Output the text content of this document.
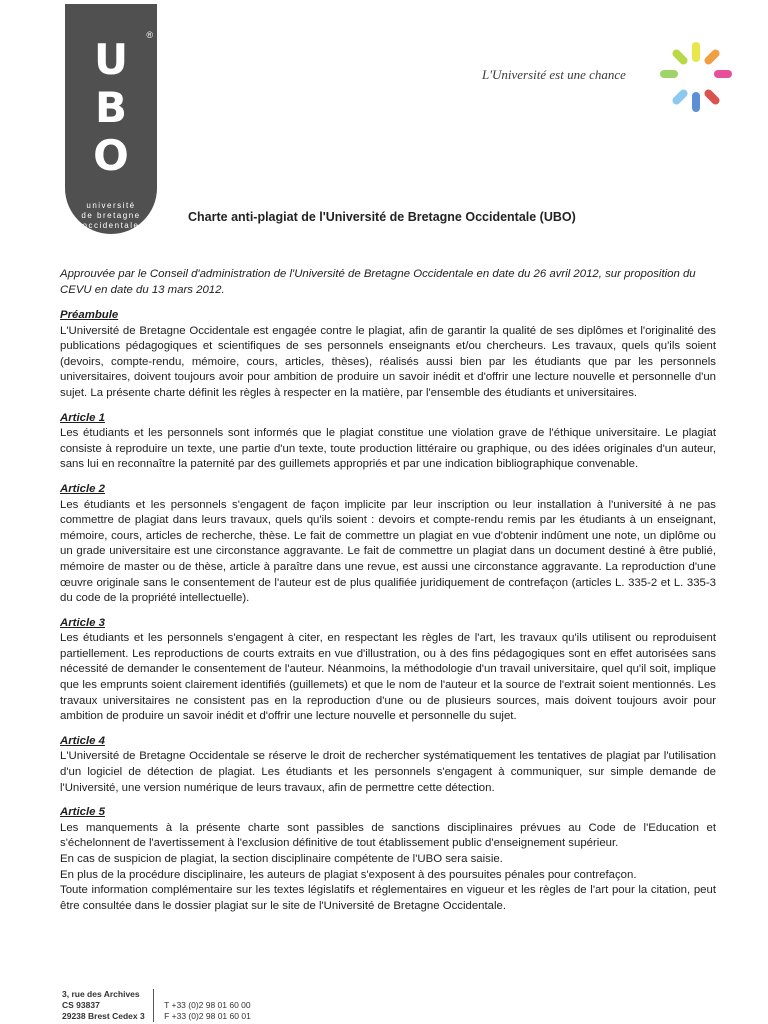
®
U
B
O
université
de bretagne
occidentale
L'Université est une chance
Charte anti-plagiat de l'Université de Bretagne Occidentale (UBO)
Approuvée par le Conseil d'administration de l'Université de Bretagne Occidentale en date du 26 avril 2012, sur proposition du CEVU en date du 13 mars 2012.
Préambule
L'Université de Bretagne Occidentale est engagée contre le plagiat, afin de garantir la qualité de ses diplômes et l'originalité des publications pédagogiques et scientifiques de ses personnels enseignants et/ou chercheurs. Les travaux, quels qu'ils soient (devoirs, compte-rendu, mémoire, cours, articles, thèses), réalisés aussi bien par les étudiants que par les personnels universitaires, doivent toujours avoir pour ambition de produire un savoir inédit et d'offrir une lecture nouvelle et personnelle d'un sujet. La présente charte définit les règles à respecter en la matière, par l'ensemble des étudiants et universitaires.
Article 1
Les étudiants et les personnels sont informés que le plagiat constitue une violation grave de l'éthique universitaire. Le plagiat consiste à reproduire un texte, une partie d'un texte, toute production littéraire ou graphique, ou des idées originales d'un auteur, sans lui en reconnaître la paternité par des guillemets appropriés et par une indication bibliographique convenable.
Article 2
Les étudiants et les personnels s'engagent de façon implicite par leur inscription ou leur installation à l'université à ne pas commettre de plagiat dans leurs travaux, quels qu'ils soient : devoirs et compte-rendu remis par les étudiants à un enseignant, mémoire, cours, articles de recherche, thèse. Le fait de commettre un plagiat en vue d'obtenir indûment une note, un diplôme ou un grade universitaire est une circonstance aggravante. Le fait de commettre un plagiat dans un document destiné à être publié, mémoire de master ou de thèse, article à paraître dans une revue, est aussi une circonstance aggravante. La reproduction d'une œuvre originale sans le consentement de l'auteur est de plus qualifiée juridiquement de contrefaçon (articles L. 335-2 et L. 335-3 du code de la propriété intellectuelle).
Article 3
Les étudiants et les personnels s'engagent à citer, en respectant les règles de l'art, les travaux qu'ils utilisent ou reproduisent partiellement. Les reproductions de courts extraits en vue d'illustration, ou à des fins pédagogiques sont en effet autorisées sans nécessité de demander le consentement de l'auteur. Néanmoins, la méthodologie d'un travail universitaire, quel qu'il soit, implique que les emprunts soient clairement identifiés (guillemets) et que le nom de l'auteur et la source de l'extrait soient mentionnés. Les travaux universitaires ne consistent pas en la reproduction d'une ou de plusieurs sources, mais doivent toujours avoir pour ambition de produire un savoir inédit et d'offrir une lecture nouvelle et personnelle du sujet.
Article 4
L'Université de Bretagne Occidentale se réserve le droit de rechercher systématiquement les tentatives de plagiat par l'utilisation d'un logiciel de détection de plagiat. Les étudiants et les personnels s'engagent à communiquer, sur simple demande de l'Université, une version numérique de leurs travaux, afin de permettre cette détection.
Article 5
Les manquements à la présente charte sont passibles de sanctions disciplinaires prévues au Code de l'Education et s'échelonnent de l'avertissement à l'exclusion définitive de tout établissement public d'enseignement supérieur.
En cas de suspicion de plagiat, la section disciplinaire compétente de l'UBO sera saisie.
En plus de la procédure disciplinaire, les auteurs de plagiat s'exposent à des poursuites pénales pour contrefaçon.
Toute information complémentaire sur les textes législatifs et réglementaires en vigueur et les règles de l'art pour la citation, peut être consultée dans le dossier plagiat sur le site de l'Université de Bretagne Occidentale.
3, rue des Archives
CS 93837
29238 Brest Cedex 3

T +33 (0)2 98 01 60 00
F +33 (0)2 98 01 60 01
